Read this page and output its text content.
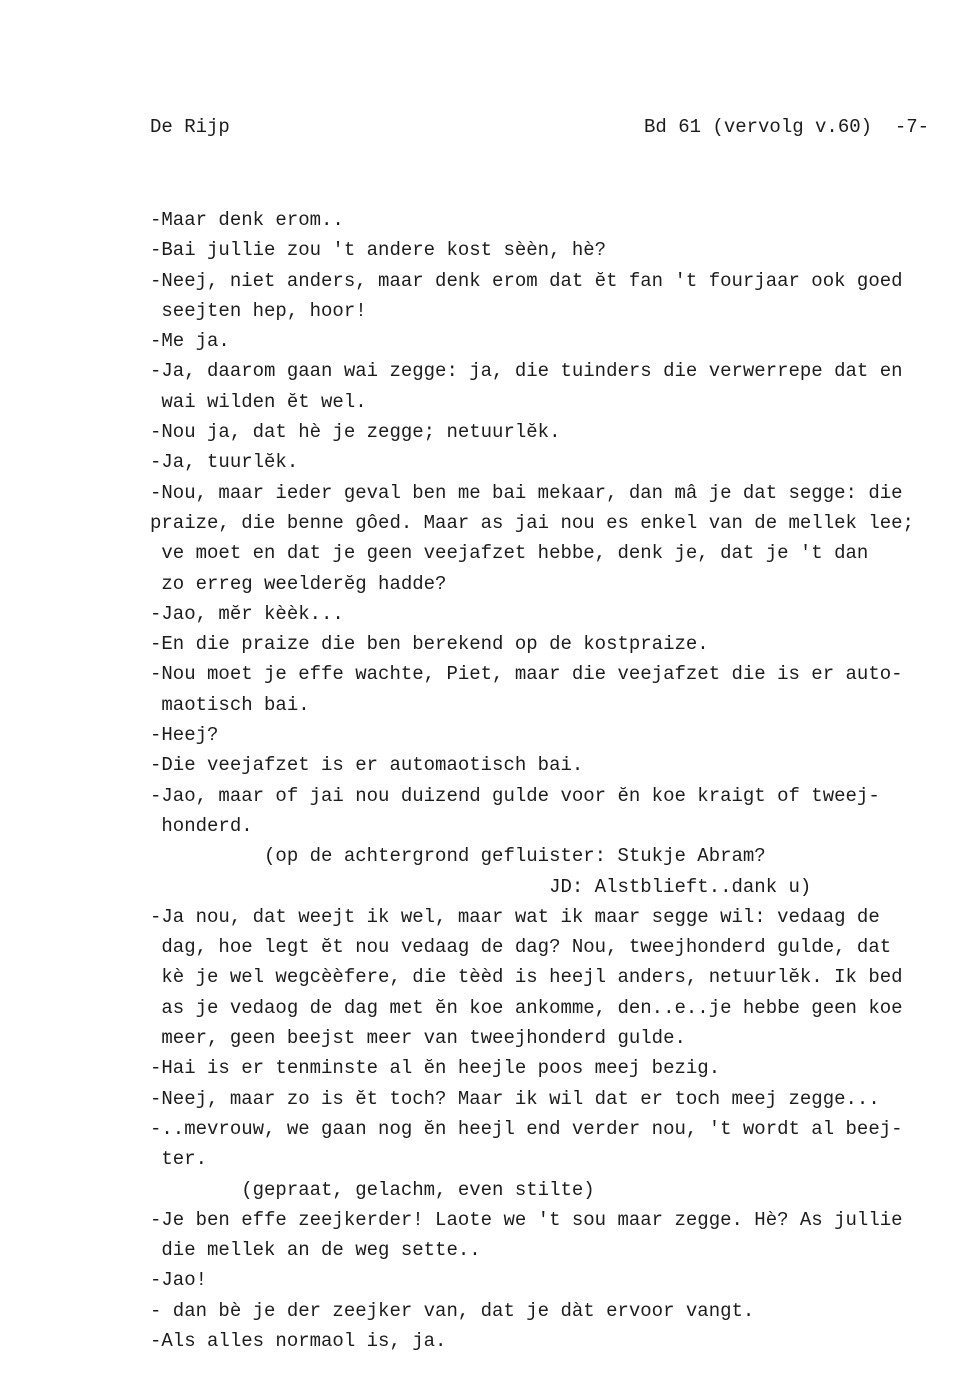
De Rijp	Bd 61 (vervolg v.60)  -7-
-Maar denk erom..
-Bai jullie zou 't andere kost sèèn, hè?
-Neej, niet anders, maar denk erom dat ĕt fan 't fourjaar ook goed
seejten hep, hoor!
-Me ja.
-Ja, daarom gaan wai zegge: ja, die tuinders die verwerrepe dat en
wai wilden ĕt wel.
-Nou ja, dat hè je zegge; netuurlĕk.
-Ja, tuurlĕk.
-Nou, maar ieder geval ben me bai mekaar, dan mâ je dat segge: die
praize, die benne gôed. Maar as jai nou es enkel van de mellek lee;
ve moet en dat je geen veejafzet hebbe, denk je, dat je 't dan
zo erreg weelderĕg hadde?
-Jao, mĕr kèèk...
-En die praize die ben berekend op de kostpraize.
-Nou moet je effe wachte, Piet, maar die veejafzet die is er auto-
maotisch bai.
-Heej?
-Die veejafzet is er automaotisch bai.
-Jao, maar of jai nou duizend gulde voor ĕn koe kraigt of tweej-
honderd.
(op de achtergrond gefluister: Stukje Abram?
JD: Alstblieft..dank u)
-Ja nou, dat weejt ik wel, maar wat ik maar segge wil: vedaag de
dag, hoe legt ĕt nou vedaag de dag? Nou, tweejhonderd gulde, dat
kè je wel wegcèèfere, die tèèd is heejl anders, netuurlĕk. Ik bed
as je vedaog de dag met ĕn koe ankomme, den..e..je hebbe geen koe
meer, geen beejst meer van tweejhonderd gulde.
-Hai is er tenminste al ĕn heejle poos meej bezig.
-Neej, maar zo is ĕt toch? Maar ik wil dat er toch meej zegge...
-..mevrouw, we gaan nog ĕn heejl end verder nou, 't wordt al beej-
ter.
(gepraat, gelachm, even stilte)
-Je ben effe zeejkerder! Laote we 't sou maar zegge. Hè? As jullie
die mellek an de weg sette..
-Jao!
- dan bè je der zeejker van, dat je dàt ervoor vangt.
-Als alles normaol is, ja.
